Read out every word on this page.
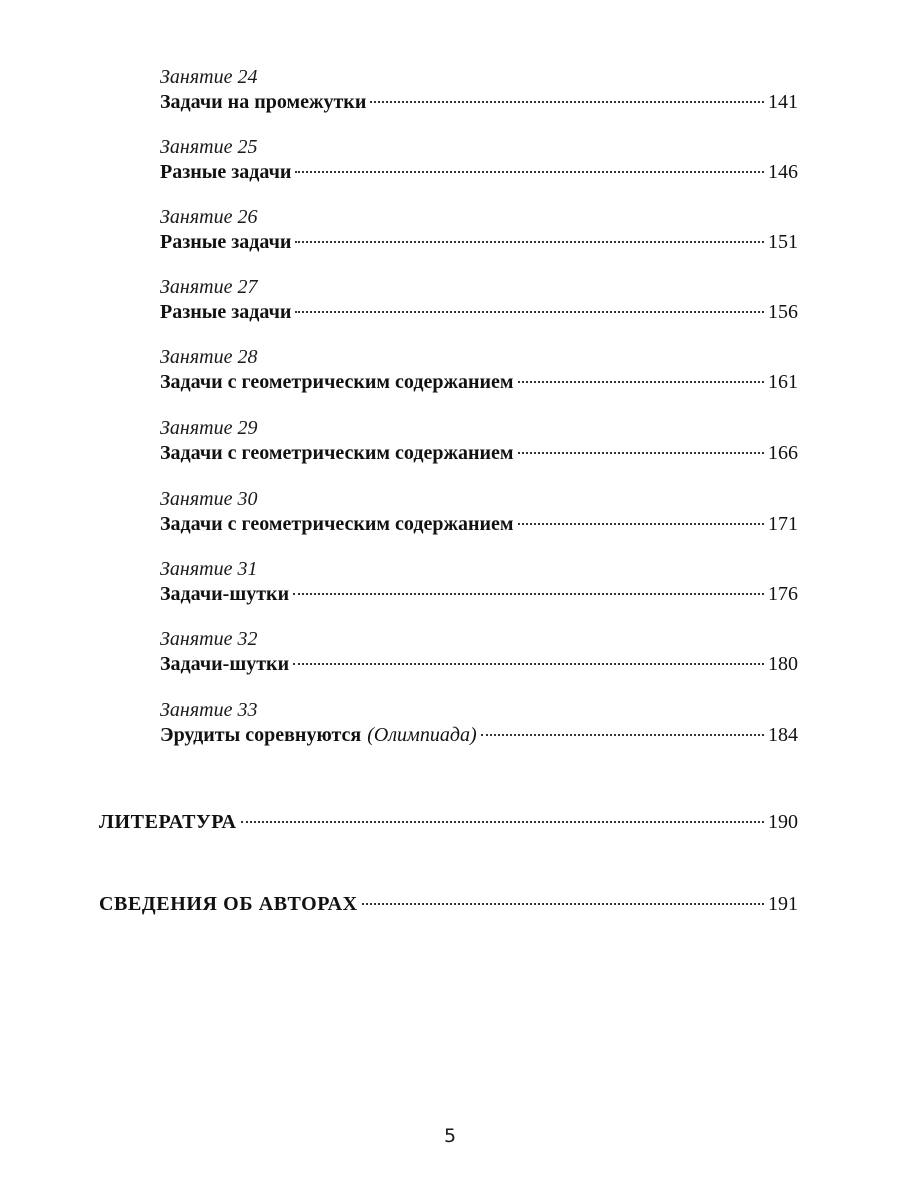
Занятие 24
Задачи на промежутки	141
Занятие 25
Разные задачи	146
Занятие 26
Разные задачи	151
Занятие 27
Разные задачи	156
Занятие 28
Задачи с геометрическим содержанием	161
Занятие 29
Задачи с геометрическим содержанием	166
Занятие 30
Задачи с геометрическим содержанием	171
Занятие 31
Задачи-шутки	176
Занятие 32
Задачи-шутки	180
Занятие 33
Эрудиты соревнуются (Олимпиада)	184
ЛИТЕРАТУРА	190
СВЕДЕНИЯ ОБ АВТОРАХ	191
5
